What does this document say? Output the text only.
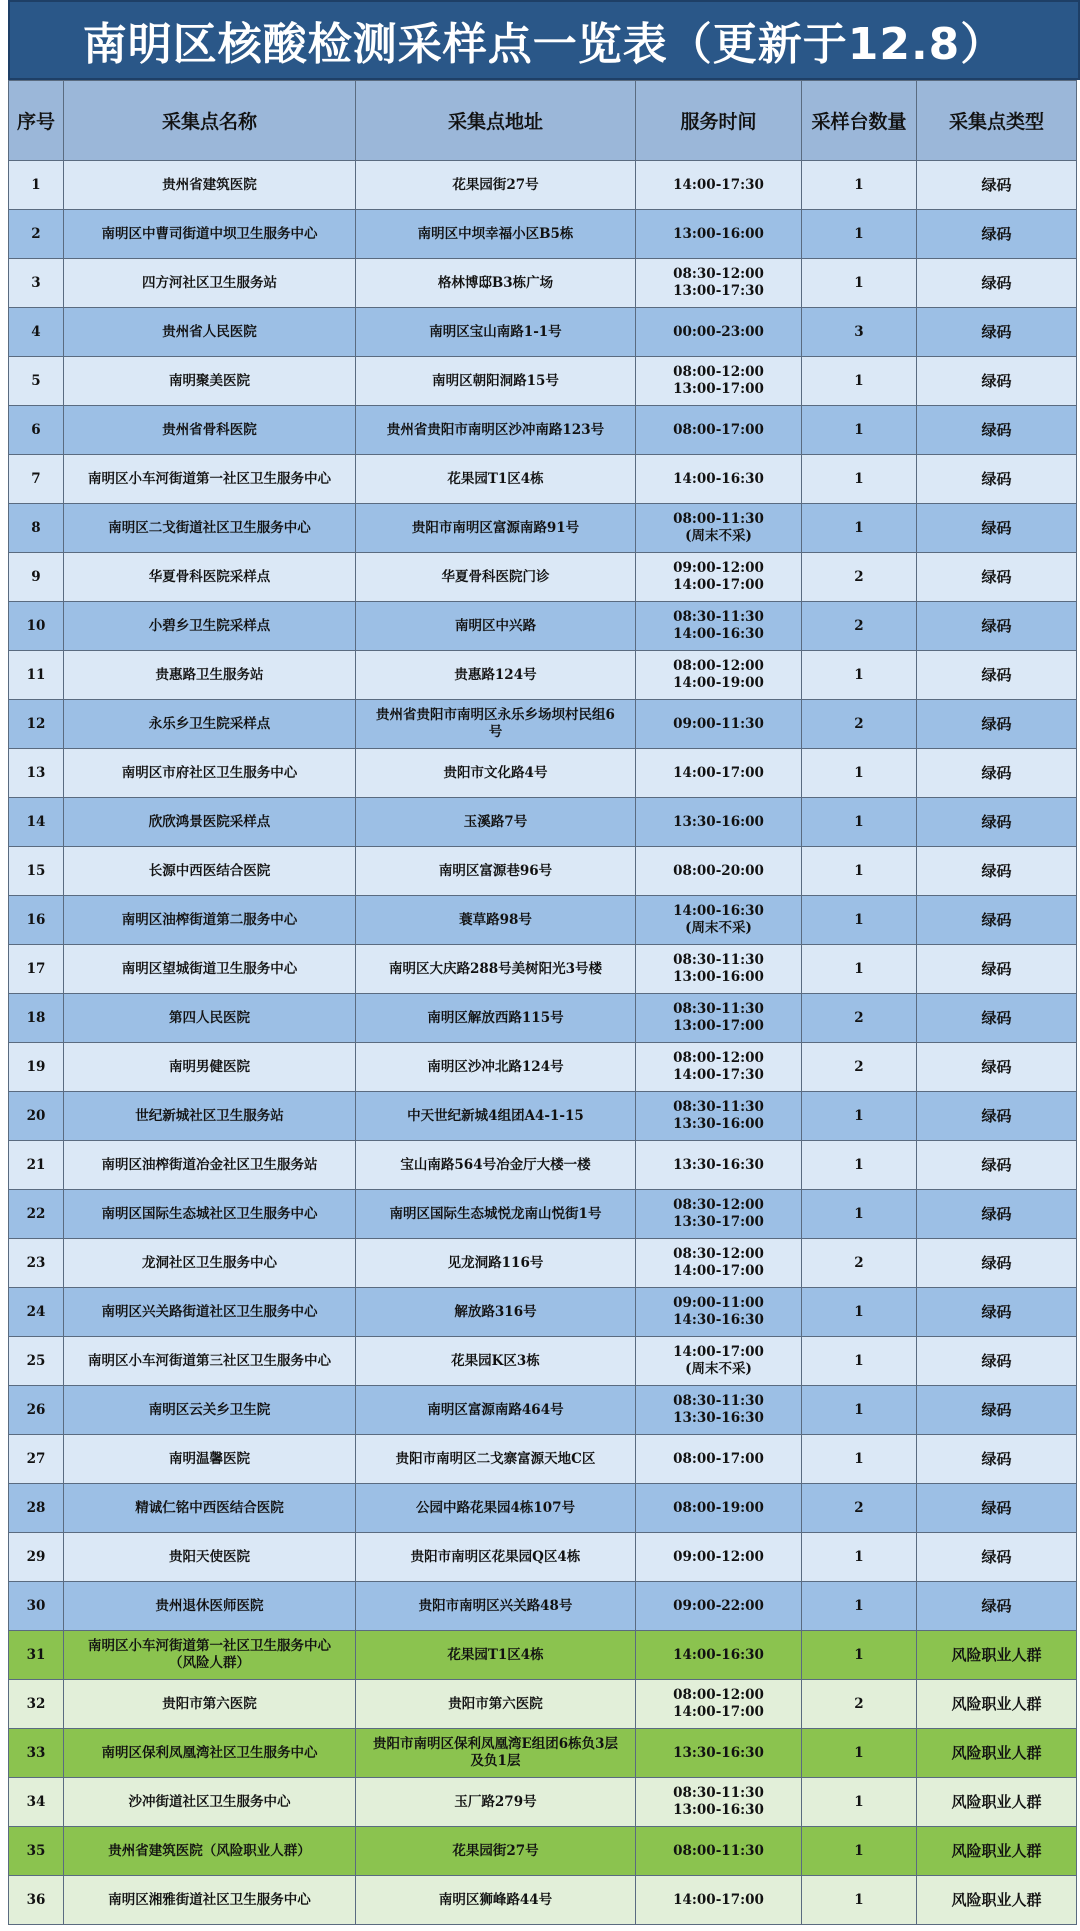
南明区核酸检测采样点一览表（更新于12.8）
序号	采集点名称	采集点地址	服务时间	采样台数量	采集点类型
1	贵州省建筑医院	花果园街27号	14:00-17:30	1	绿码
2	南明区中曹司街道中坝卫生服务中心	南明区中坝幸福小区B5栋	13:00-16:00	1	绿码
3	四方河社区卫生服务站	格林博邸B3栋广场	08:30-12:00
13:00-17:30	1	绿码
4	贵州省人民医院	南明区宝山南路1-1号	00:00-23:00	3	绿码
5	南明聚美医院	南明区朝阳洞路15号	08:00-12:00
13:00-17:00	1	绿码
6	贵州省骨科医院	贵州省贵阳市南明区沙冲南路123号	08:00-17:00	1	绿码
7	南明区小车河街道第一社区卫生服务中心	花果园T1区4栋	14:00-16:30	1	绿码
8	南明区二戈街道社区卫生服务中心	贵阳市南明区富源南路91号	08:00-11:30
(周末不采)	1	绿码
9	华夏骨科医院采样点	华夏骨科医院门诊	09:00-12:00
14:00-17:00	2	绿码
10	小碧乡卫生院采样点	南明区中兴路	08:30-11:30
14:00-16:30	2	绿码
11	贵惠路卫生服务站	贵惠路124号	08:00-12:00
14:00-19:00	1	绿码
12	永乐乡卫生院采样点	贵州省贵阳市南明区永乐乡场坝村民组6
号	09:00-11:30	2	绿码
13	南明区市府社区卫生服务中心	贵阳市文化路4号	14:00-17:00	1	绿码
14	欣欣鸿景医院采样点	玉溪路7号	13:30-16:00	1	绿码
15	长源中西医结合医院	南明区富源巷96号	08:00-20:00	1	绿码
16	南明区油榨街道第二服务中心	蓑草路98号	14:00-16:30
(周末不采)	1	绿码
17	南明区望城街道卫生服务中心	南明区大庆路288号美树阳光3号楼	08:30-11:30
13:00-16:00	1	绿码
18	第四人民医院	南明区解放西路115号	08:30-11:30
13:00-17:00	2	绿码
19	南明男健医院	南明区沙冲北路124号	08:00-12:00
14:00-17:30	2	绿码
20	世纪新城社区卫生服务站	中天世纪新城4组团A4-1-15	08:30-11:30
13:30-16:00	1	绿码
21	南明区油榨街道冶金社区卫生服务站	宝山南路564号冶金厅大楼一楼	13:30-16:30	1	绿码
22	南明区国际生态城社区卫生服务中心	南明区国际生态城悦龙南山悦街1号	08:30-12:00
13:30-17:00	1	绿码
23	龙洞社区卫生服务中心	见龙洞路116号	08:30-12:00
14:00-17:00	2	绿码
24	南明区兴关路街道社区卫生服务中心	解放路316号	09:00-11:00
14:30-16:30	1	绿码
25	南明区小车河街道第三社区卫生服务中心	花果园K区3栋	14:00-17:00
(周末不采)	1	绿码
26	南明区云关乡卫生院	南明区富源南路464号	08:30-11:30
13:30-16:30	1	绿码
27	南明温馨医院	贵阳市南明区二戈寨富源天地C区	08:00-17:00	1	绿码
28	精诚仁铭中西医结合医院	公园中路花果园4栋107号	08:00-19:00	2	绿码
29	贵阳天使医院	贵阳市南明区花果园Q区4栋	09:00-12:00	1	绿码
30	贵州退休医师医院	贵阳市南明区兴关路48号	09:00-22:00	1	绿码
31	南明区小车河街道第一社区卫生服务中心
（风险人群）	花果园T1区4栋	14:00-16:30	1	风险职业人群
32	贵阳市第六医院	贵阳市第六医院	08:00-12:00
14:00-17:00	2	风险职业人群
33	南明区保利凤凰湾社区卫生服务中心	贵阳市南明区保利凤凰湾E组团6栋负3层
及负1层	13:30-16:30	1	风险职业人群
34	沙冲街道社区卫生服务中心	玉厂路279号	08:30-11:30
13:00-16:30	1	风险职业人群
35	贵州省建筑医院（风险职业人群）	花果园街27号	08:00-11:30	1	风险职业人群
36	南明区湘雅街道社区卫生服务中心	南明区狮峰路44号	14:00-17:00	1	风险职业人群
